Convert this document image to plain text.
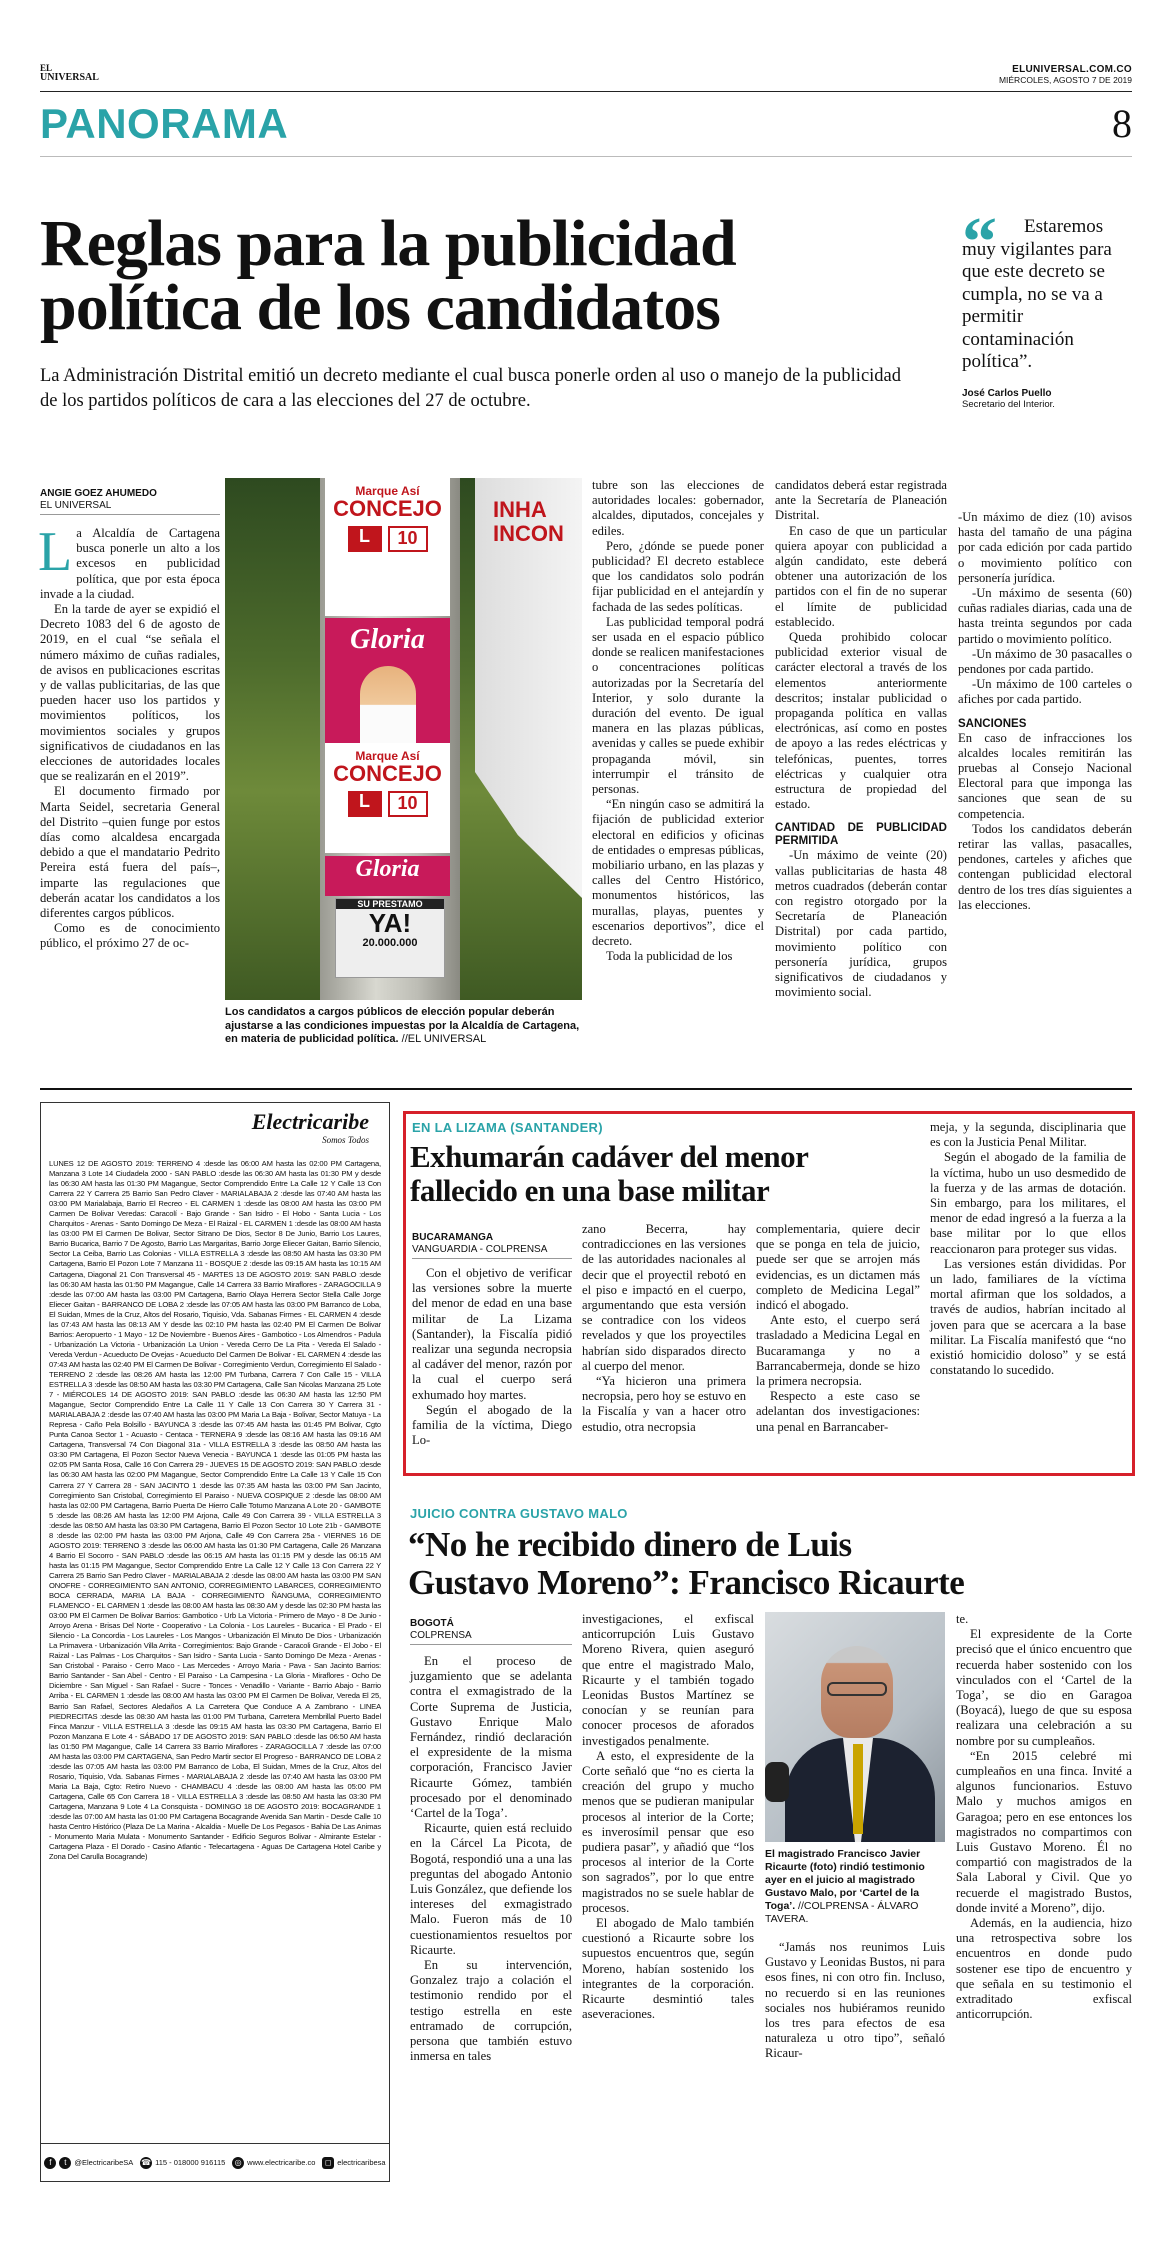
EL
UNIVERSAL
ELUNIVERSAL.COM.CO
MIÉRCOLES, AGOSTO 7 DE 2019
PANORAMA	8
Reglas para la publicidad
política de los candidatos
La Administración Distrital emitió un decreto mediante el cual busca ponerle orden al uso o manejo de la publicidad de los partidos políticos de cara a las elecciones del 27 de octubre.
“	Estaremos muy vigilantes para que este decreto se cumpla, no se va a permitir contaminación política”.
José Carlos Puello
Secretario del Interior.
ANGIE GOEZ AHUMEDO
EL UNIVERSAL
L a Alcaldía de Cartagena busca ponerle un alto a los excesos en publicidad política, que por esta época invade a la ciudad.

En la tarde de ayer se expidió el Decreto 1083 del 6 de agosto de 2019, en el cual “se señala el número máximo de cuñas radiales, de avisos en publicaciones escritas y de vallas publicitarias, de las que pueden hacer uso los partidos y movimientos políticos, los movimientos sociales y grupos significativos de ciudadanos en las elecciones de autoridades locales que se realizarán en el 2019”.

El documento firmado por Marta Seidel, secretaria General del Distrito –quien funge por estos días como alcaldesa encargada debido a que el mandatario Pedrito Pereira está fuera del país–, imparte las regulaciones que deberán acatar los candidatos a los diferentes cargos públicos.

Como es de conocimiento público, el próximo 27 de oc-

INHA
INCON
Marque Así
CONCEJO
L	10
Gloria
Marque Así
CONCEJO
L	10
Gloria
SU PRESTAMO
YA!
20.000.000
Los candidatos a cargos públicos de elección popular deberán ajustarse a las condiciones impuestas por la Alcaldía de Cartagena, en materia de publicidad política. //EL UNIVERSAL

tubre son las elecciones de autoridades locales: gobernador, alcaldes, diputados, concejales y ediles.

Pero, ¿dónde se puede poner publicidad? El decreto establece que los candidatos solo podrán fijar publicidad en el antejardín y fachada de las sedes políticas.

Las publicidad temporal podrá ser usada en el espacio público donde se realicen manifestaciones o concentraciones políticas autorizadas por la Secretaría del Interior, y solo durante la duración del evento. De igual manera en las plazas públicas, avenidas y calles se puede exhibir propaganda móvil, sin interrumpir el tránsito de personas.

“En ningún caso se admitirá la fijación de publicidad exterior electoral en edificios y oficinas de entidades o empresas públicas, mobiliario urbano, en las plazas y calles del Centro Histórico, monumentos históricos, las murallas, playas, puentes y escenarios deportivos”, dice el decreto.

Toda la publicidad de los

candidatos deberá estar registrada ante la Secretaría de Planeación Distrital.

En caso de que un particular quiera apoyar con publicidad a algún candidato, este deberá obtener una autorización de los partidos con el fin de no superar el límite de publicidad establecido.

Queda prohibido colocar publicidad exterior visual de carácter electoral a través de los elementos anteriormente descritos; instalar publicidad o propaganda política en vallas electrónicas, así como en postes de apoyo a las redes eléctricas y telefónicas, puentes, torres eléctricas y cualquier otra estructura de propiedad del estado.

CANTIDAD DE PUBLICIDAD PERMITIDA

-Un máximo de veinte (20) vallas publicitarias de hasta 48 metros cuadrados (deberán contar con registro otorgado por la Secretaría de Planeación Distrital) por cada partido, movimiento político con personería jurídica, grupos significativos de ciudadanos y movimiento social.

-Un máximo de diez (10) avisos hasta del tamaño de una página por cada edición por cada partido o movimiento político con personería jurídica.

-Un máximo de sesenta (60) cuñas radiales diarias, cada una de hasta treinta segundos por cada partido o movimiento político.

-Un máximo de 30 pasacalles o pendones por cada partido.

-Un máximo de 100 carteles o afiches por cada partido.

SANCIONES

En caso de infracciones los alcaldes locales remitirán las pruebas al Consejo Nacional Electoral para que imponga las sanciones que sean de su competencia.

Todos los candidatos deberán retirar las vallas, pasacalles, pendones, carteles y afiches que contengan publicidad electoral dentro de los tres días siguientes a las elecciones.

Electricaribe
Somos Todos
LUNES 12 DE AGOSTO 2019: TERRENO 4 :desde las 06:00 AM hasta las 02:00 PM Cartagena, Manzana 3 Lote 14 Ciudadela 2000 - SAN PABLO :desde las 06:30 AM hasta las 01:30 PM y desde las 06:30 AM hasta las 01:30 PM Magangue, Sector Comprendido Entre La Calle 12 Y Calle 13 Con Carrera 22 Y Carrera 25 Barrio San Pedro Claver - MARIALABAJA 2 :desde las 07:40 AM hasta las 03:00 PM Marialabaja, Barrio El Recreo - EL CARMEN 1 :desde las 08:00 AM hasta las 03:00 PM Carmen De Bolivar Veredas: Caracolí - Bajo Grande - San Isidro - El Hobo - Santa Lucia - Los Charquitos - Arenas - Santo Domingo De Meza - El Raizal - EL CARMEN 1 :desde las 08:00 AM hasta las 03:00 PM El Carmen De Bolivar, Sector Sitrano De Dios, Sector 8 De Junio, Barrio Los Laures, Barrio Bucarica, Barrio 7 De Agosto, Barrio Las Margaritas, Barrio Jorge Eliecer Gaitan, Barrio Silencio, Sector La Ceiba, Barrio Las Colonias - VILLA ESTRELLA 3 :desde las 08:50 AM hasta las 03:30 PM Cartagena, Barrio El Pozon Lote 7 Manzana 11 - BOSQUE 2 :desde las 09:15 AM hasta las 10:15 AM Cartagena, Diagonal 21 Con Transversal 45 - MARTES 13 DE AGOSTO 2019: SAN PABLO :desde las 06:30 AM hasta las 01:50 PM Magangue, Calle 14 Carrera 33 Barrio Miraflores - ZARAGOCILLA 9 :desde las 07:00 AM hasta las 03:00 PM Cartagena, Barrio Olaya Herrera Sector Stella Calle Jorge Eliecer Gaitan - BARRANCO DE LOBA 2 :desde las 07:05 AM hasta las 03:00 PM Barranco de Loba, El Suidan, Mmes de la Cruz, Altos del Rosario, Tiquisio, Vda. Sabanas Firmes - EL CARMEN 4 :desde las 07:43 AM hasta las 08:13 AM Y desde las 02:10 PM hasta las 02:40 PM El Carmen De Bolivar Barrios: Aeropuerto - 1 Mayo - 12 De Noviembre - Buenos Aires - Gambotico - Los Almendros - Padula - Urbanización La Victoria - Urbanización La Union - Vereda Cerro De La Pita - Vereda El Salado - Vereda Verdun - Acueducto De Ovejas - Acueducto Del Carmen De Bolivar - EL CARMEN 4 :desde las 07:43 AM hasta las 02:40 PM El Carmen De Bolivar - Corregimiento Verdun, Corregimiento El Salado - TERRENO 2 :desde las 08:26 AM hasta las 12:00 PM Turbana, Carrera 7 Con Calle 15 - VILLA ESTRELLA 3 :desde las 08:50 AM hasta las 03:30 PM Cartagena, Calle San Nicolas Manzana 25 Lote 7 - MIÉRCOLES 14 DE AGOSTO 2019: SAN PABLO :desde las 06:30 AM hasta las 12:50 PM Magangue, Sector Comprendido Entre La Calle 11 Y Calle 13 Con Carrera 30 Y Carrera 31 - MARIALABAJA 2 :desde las 07:40 AM hasta las 03:00 PM Maria La Baja - Bolivar, Sector Matuya - La Represa - Caño Pela Bolsillo - BAYUNCA 3 :desde las 07:45 AM hasta las 01:45 PM Bolivar, Cgto Punta Canoa Sector 1 - Acuasto - Centaca - TERNERA 9 :desde las 08:16 AM hasta las 09:16 AM Cartagena, Transversal 74 Con Diagonal 31a - VILLA ESTRELLA 3 :desde las 08:50 AM hasta las 03:30 PM Cartagena, El Pozon Sector Nueva Venecia - BAYUNCA 1 :desde las 01:05 PM hasta las 02:05 PM Santa Rosa, Calle 16 Con Carrera 29 - JUEVES 15 DE AGOSTO 2019: SAN PABLO :desde las 06:30 AM hasta las 02:00 PM Magangue, Sector Comprendido Entre La Calle 13 Y Calle 15 Con Carrera 27 Y Carrera 28 - SAN JACINTO 1 :desde las 07:35 AM hasta las 03:00 PM San Jacinto, Corregimiento San Cristobal, Corregimiento El Paraiso - NUEVA COSPIQUE 2 :desde las 08:00 AM hasta las 02:00 PM Cartagena, Barrio Puerta De Hierro Calle Totumo Manzana A Lote 20 - GAMBOTE 5 :desde las 08:26 AM hasta las 12:00 PM Arjona, Calle 49 Con Carrera 39 - VILLA ESTRELLA 3 :desde las 08:50 AM hasta las 03:30 PM Cartagena, Barrio El Pozon Sector 10 Lote 21b - GAMBOTE 8 :desde las 02:00 PM hasta las 03:00 PM Arjona, Calle 49 Con Carrera 25a - VIERNES 16 DE AGOSTO 2019: TERRENO 3 :desde las 06:00 AM hasta las 01:30 PM Cartagena, Calle 26 Manzana 4 Barrio El Socorro - SAN PABLO :desde las 06:15 AM hasta las 01:15 PM y desde las 06:15 AM hasta las 01:15 PM Magangue, Sector Comprendido Entre La Calle 12 Y Calle 13 Con Carrera 22 Y Carrera 25 Barrio San Pedro Claver - MARIALABAJA 2 :desde las 08:00 AM hasta las 03:00 PM SAN ONOFRE - CORREGIMIENTO SAN ANTONIO, CORREGIMIENTO LABARCES, CORREGIMIENTO BOCA CERRADA, MARIA LA BAJA - CORREGIMIENTO ÑANGUMA, CORREGIMIENTO FLAMENCO - EL CARMEN 1 :desde las 08:00 AM hasta las 08:30 AM y desde las 02:30 PM hasta las 03:00 PM El Carmen De Bolivar Barrios: Gambotico - Urb La Victoria - Primero de Mayo - 8 De Junio - Arroyo Arena - Brisas Del Norte - Cooperativo - La Colonia - Los Laureles - Bucarica - El Prado - El Silencio - La Concordia - Los Laureles - Los Mangos - Urbanización El Minuto De Dios - Urbanización La Primavera - Urbanización Villa Arrita - Corregimientos: Bajo Grande - Caracoli Grande - El Jobo - El Raizal - Las Palmas - Los Charquitos - San Isidro - Santa Lucia - Santo Domingo De Meza - Arenas - San Cristobal - Paraiso - Cerro Maco - Las Mercedes - Arroyo Maria - Pava - San Jacinto Barrios: Barrio Santander - San Abel - Centro - El Paraiso - La Campesina - La Gloria - Miraflores - Ocho De Diciembre - San Miguel - San Rafael - Sucre - Tonces - Venadillo - Variante - Barrio Abajo - Barrio Arriba - EL CARMEN 1 :desde las 08:00 AM hasta las 03:00 PM El Carmen De Bolivar, Vereda El 25, Barrio San Rafael, Sectores Aledaños A La Carretera Que Conduce A A Zambrano - LINEA PIEDRECITAS :desde las 08:30 AM hasta las 01:00 PM Turbana, Carretera Membrillal Puerto Badel Finca Manzur - VILLA ESTRELLA 3 :desde las 09:15 AM hasta las 03:30 PM Cartagena, Barrio El Pozon Manzana E Lote 4 - SÁBADO 17 DE AGOSTO 2019: SAN PABLO :desde las 06:50 AM hasta las 01:50 PM Magangue, Calle 14 Carrera 33 Barrio Miraflores - ZARAGOCILLA 7 :desde las 07:00 AM hasta las 03:00 PM CARTAGENA, San Pedro Martir sector El Progreso - BARRANCO DE LOBA 2 :desde las 07:05 AM hasta las 03:00 PM Barranco de Loba, El Suidan, Mmes de la Cruz, Altos del Rosario, Tiquisio, Vda. Sabanas Firmes - MARIALABAJA 2 :desde las 07:40 AM hasta las 03:00 PM Maria La Baja, Cgto: Retiro Nuevo - CHAMBACU 4 :desde las 08:00 AM hasta las 05:00 PM Cartagena, Calle 65 Con Carrera 18 - VILLA ESTRELLA 3 :desde las 08:50 AM hasta las 03:30 PM Cartagena, Manzana 9 Lote 4 La Consquista - DOMINGO 18 DE AGOSTO 2019: BOCAGRANDE 1 :desde las 07:00 AM hasta las 01:00 PM Cartagena Bocagrande Avenida San Martin - Desde Calle 10 hasta Centro Histórico (Plaza De La Marina - Alcaldia - Muelle De Los Pegasos - Bahia De Las Animas - Monumento Maria Mulata - Monumento Santander - Edificio Seguros Bolivar - Almirante Estelar - Cartagena Plaza - El Dorado - Casino Atlantic - Telecartagena - Aguas De Cartagena Hotel Caribe y Zona Del Carulla Bocagrande)
f	t	@ElectricaribeSA ☎ 115 - 018000 916115	◎ www.electricaribe.co	◻ electricaribesa
EN LA LIZAMA (SANTANDER)
Exhumarán cadáver del menor
fallecido en una base militar
BUCARAMANGA
VANGUARDIA - COLPRENSA

Con el objetivo de verificar las versiones sobre la muerte del menor de edad en una base militar de La Lizama (Santander), la Fiscalía pidió realizar una segunda necropsia al cadáver del menor, razón por la cual el cuerpo será exhumado hoy martes.

Según el abogado de la familia de la víctima, Diego Lo-

zano Becerra, hay contradicciones en las versiones de las autoridades nacionales al decir que el proyectil rebotó en el piso e impactó en el cuerpo, argumentando que esta versión se contradice con los videos revelados y que los proyectiles habrían sido disparados directo al cuerpo del menor.

“Ya hicieron una primera necropsia, pero hoy se estuvo en la Fiscalía y van a hacer otro estudio, otra necropsia

complementaria, quiere decir que se ponga en tela de juicio, puede ser que se arrojen más evidencias, es un dictamen más completo de Medicina Legal” indicó el abogado.

Ante esto, el cuerpo será trasladado a Medicina Legal en Bucaramanga y no a Barrancabermeja, donde se hizo la primera necropsia.

Respecto a este caso se adelantan dos investigaciones: una penal en Barrancaber-

meja, y la segunda, disciplinaria que es con la Justicia Penal Militar.

Según el abogado de la familia de la víctima, hubo un uso desmedido de la fuerza y de las armas de dotación. Sin embargo, para los militares, el menor de edad ingresó a la fuerza a la base militar por lo que ellos reaccionaron para proteger sus vidas.

Las versiones están divididas. Por un lado, familiares de la víctima mortal afirman que los soldados, a través de audios, habrían incitado al joven para que se acercara a la base militar. La Fiscalía manifestó que “no existió homicidio doloso” y se está constatando lo sucedido.

JUICIO CONTRA GUSTAVO MALO
“No he recibido dinero de Luis
Gustavo Moreno”: Francisco Ricaurte
BOGOTÁ
COLPRENSA

En el proceso de juzgamiento que se adelanta contra el exmagistrado de la Corte Suprema de Justicia, Gustavo Enrique Malo Fernández, rindió declaración el expresidente de la misma corporación, Francisco Javier Ricaurte Gómez, también procesado por el denominado ‘Cartel de la Toga’.

Ricaurte, quien está recluido en la Cárcel La Picota, de Bogotá, respondió una a una las preguntas del abogado Antonio Luis González, que defiende los intereses del exmagistrado Malo. Fueron más de 10 cuestionamientos resueltos por Ricaurte.

En su intervención, Gonzalez trajo a colación el testimonio rendido por el testigo estrella en este entramado de corrupción, persona que también estuvo inmersa en tales

investigaciones, el exfiscal anticorrupción Luis Gustavo Moreno Rivera, quien aseguró que entre el magistrado Malo, Ricaurte y el también togado Leonidas Bustos Martínez se conocían y se reunían para conocer procesos de aforados investigados penalmente.

A esto, el expresidente de la Corte señaló que “no es cierta la creación del grupo y mucho menos que se pudieran manipular procesos al interior de la Corte; es inverosímil pensar que eso pudiera pasar”, y añadió que “los procesos al interior de la Corte son sagrados”, por lo que entre magistrados no se suele hablar de procesos.

El abogado de Malo también cuestionó a Ricaurte sobre los supuestos encuentros que, según Moreno, habían sostenido los integrantes de la corporación. Ricaurte desmintió tales aseveraciones.

El magistrado Francisco Javier Ricaurte (foto) rindió testimonio ayer en el juicio al magistrado Gustavo Malo, por ‘Cartel de la Toga’. //COLPRENSA - ÁLVARO TAVERA.

“Jamás nos reunimos Luis Gustavo y Leonidas Bustos, ni para esos fines, ni con otro fin. Incluso, no recuerdo si en las reuniones sociales nos hubiéramos reunido los tres para efectos de esa naturaleza u otro tipo”, señaló Ricaur-

te.

El expresidente de la Corte precisó que el único encuentro que recuerda haber sostenido con los vinculados con el ‘Cartel de la Toga’, se dio en Garagoa (Boyacá), luego de que su esposa realizara una celebración a su nombre por su cumpleaños.

“En 2015 celebré mi cumpleaños en una finca. Invité a algunos funcionarios. Estuvo Malo y muchos amigos en Garagoa; pero en ese entonces los magistrados no compartimos con Luis Gustavo Moreno. Él no compartió con magistrados de la Sala Laboral y Civil. Que yo recuerde el magistrado Bustos, donde invité a Moreno”, dijo.

Además, en la audiencia, hizo una retrospectiva sobre los encuentros en donde pudo sostener ese tipo de encuentro y que señala en su testimonio el extraditado exfiscal anticorrupción.
